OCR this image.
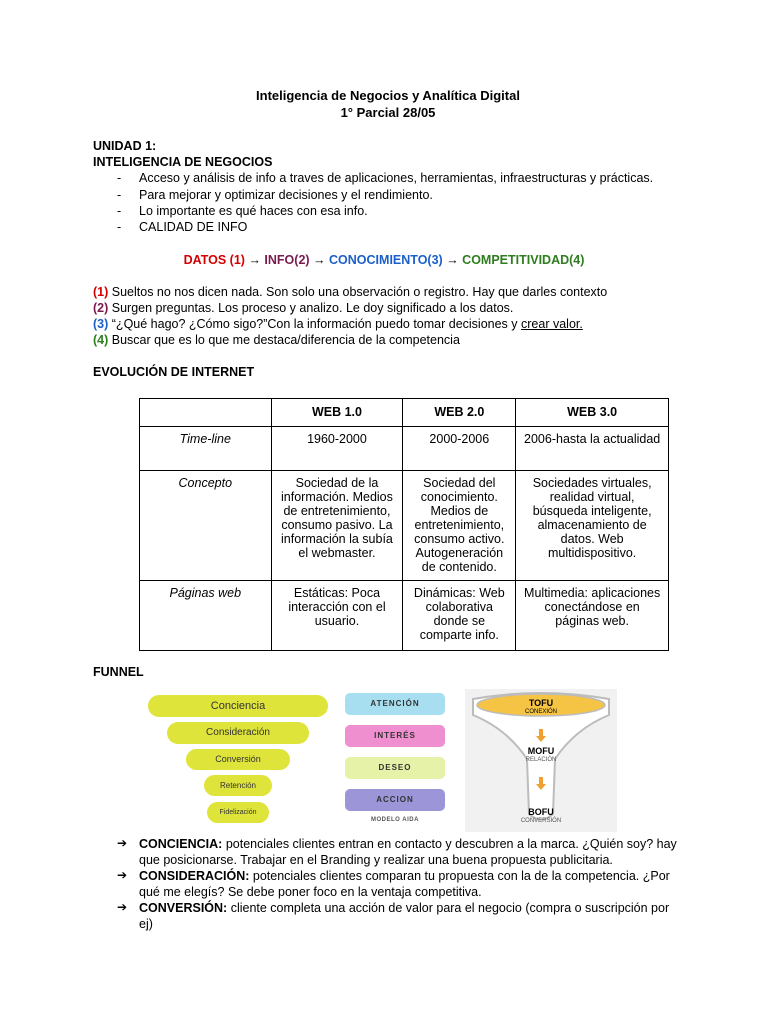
Inteligencia de Negocios y Analítica Digital
1° Parcial 28/05
UNIDAD 1:
INTELIGENCIA DE NEGOCIOS
- Acceso y análisis de info a traves de aplicaciones, herramientas, infraestructuras y prácticas.
- Para mejorar y optimizar decisiones y el rendimiento.
- Lo importante es qué haces con esa info.
- CALIDAD DE INFO
DATOS (1) → INFO(2) → CONOCIMIENTO(3) → COMPETITIVIDAD(4)
(1) Sueltos no nos dicen nada. Son solo una observación o registro. Hay que darles contexto
(2) Surgen preguntas. Los proceso y analizo. Le doy significado a los datos.
(3) “¿Qué hago? ¿Cómo sigo?”Con la información puedo tomar decisiones y crear valor.
(4) Buscar que es lo que me destaca/diferencia de la competencia
EVOLUCIÓN DE INTERNET
	WEB 1.0	WEB 2.0	WEB 3.0
Time-line	1960-2000	2000-2006	2006-hasta la actualidad
Concepto	Sociedad de la información. Medios de entretenimiento, consumo pasivo. La información la subía el webmaster.	Sociedad del conocimiento. Medios de entretenimiento, consumo activo. Autogeneración de contenido.	Sociedades virtuales, realidad virtual, búsqueda inteligente, almacenamiento de datos. Web multidispositivo.
Páginas web	Estáticas: Poca interacción con el usuario.	Dinámicas: Web colaborativa donde se comparte info.	Multimedia: aplicaciones conectándose en páginas web.
FUNNEL
Conciencia
Consideración
Conversión
Retención
Fidelización
ATENCIÓN
INTERÉS
DESEO
ACCION
MODELO AIDA
TOFU
CONEXIÓN
MOFU
RELACIÓN
BOFU
CONVERSIÓN
➔ CONCIENCIA: potenciales clientes entran en contacto y descubren a la marca. ¿Quién soy? hay que posicionarse. Trabajar en el Branding y realizar una buena propuesta publicitaria.
➔ CONSIDERACIÓN: potenciales clientes comparan tu propuesta con la de la competencia. ¿Por qué me elegís? Se debe poner foco en la ventaja competitiva.
➔ CONVERSIÓN: cliente completa una acción de valor para el negocio (compra o suscripción por ej)
